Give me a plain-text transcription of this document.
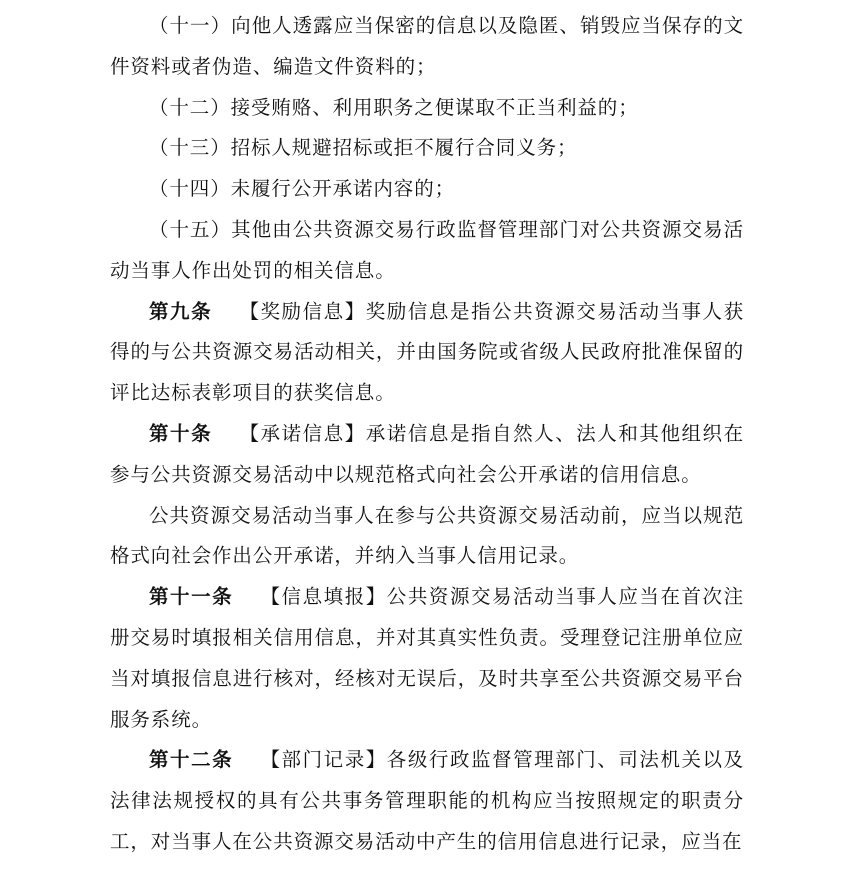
（十一）向他人透露应当保密的信息以及隐匿、销毁应当保存的文件资料或者伪造、编造文件资料的；

（十二）接受贿赂、利用职务之便谋取不正当利益的；

（十三）招标人规避招标或拒不履行合同义务；

（十四）未履行公开承诺内容的；

（十五）其他由公共资源交易行政监督管理部门对公共资源交易活动当事人作出处罚的相关信息。

第九条 【奖励信息】奖励信息是指公共资源交易活动当事人获得的与公共资源交易活动相关，并由国务院或省级人民政府批准保留的评比达标表彰项目的获奖信息。

第十条 【承诺信息】承诺信息是指自然人、法人和其他组织在参与公共资源交易活动中以规范格式向社会公开承诺的信用信息。

公共资源交易活动当事人在参与公共资源交易活动前，应当以规范格式向社会作出公开承诺，并纳入当事人信用记录。

第十一条 【信息填报】公共资源交易活动当事人应当在首次注册交易时填报相关信用信息，并对其真实性负责。受理登记注册单位应当对填报信息进行核对，经核对无误后，及时共享至公共资源交易平台服务系统。

第十二条 【部门记录】各级行政监督管理部门、司法机关以及法律法规授权的具有公共事务管理职能的机构应当按照规定的职责分工，对当事人在公共资源交易活动中产生的信用信息进行记录，应当在
